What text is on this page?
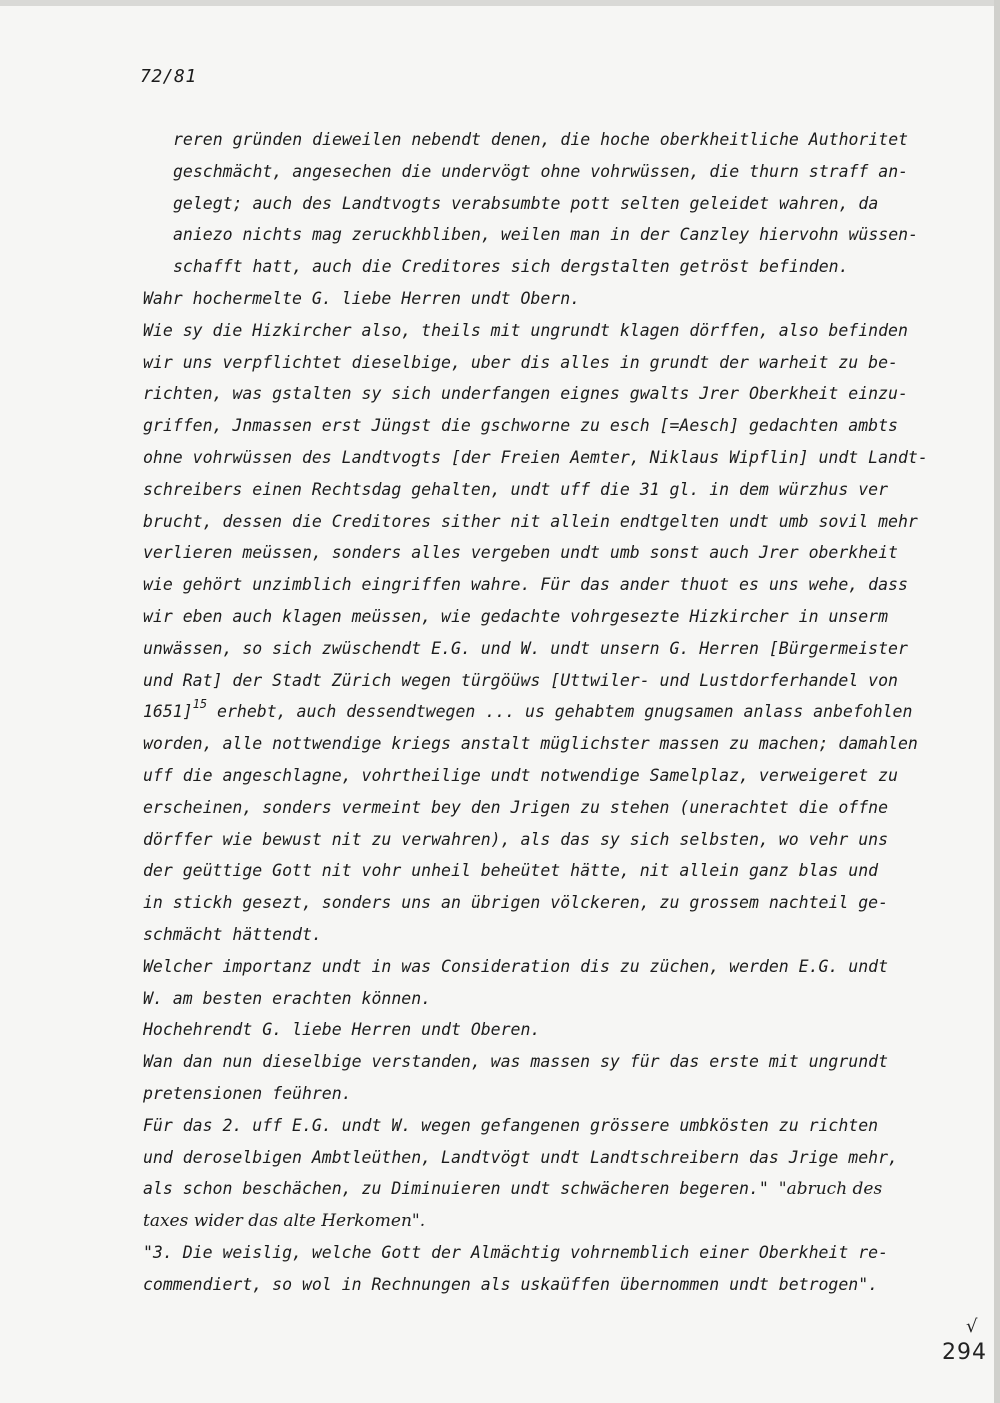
72/81
reren gründen dieweilen nebendt denen, die hoche oberkheitliche Authoritet
geschmächt, angesechen die undervögt ohne vohrwüssen, die thurn straff an-
gelegt; auch des Landtvogts verabsumbte pott selten geleidet wahren, da
aniezo nichts mag zeruckhbliben, weilen man in der Canzley hiervohn wüssen-
schafft hatt, auch die Creditores sich dergstalten getröst befinden.
Wahr hochermelte G. liebe Herren undt Obern.
Wie sy die Hizkircher also, theils mit ungrundt klagen dörffen, also befinden
wir uns verpflichtet dieselbige, uber dis alles in grundt der warheit zu be-
richten, was gstalten sy sich underfangen eignes gwalts Jrer Oberkheit einzu-
griffen, Jnmassen erst Jüngst die gschworne zu esch [=Aesch] gedachten ambts
ohne vohrwüssen des Landtvogts [der Freien Aemter, Niklaus Wipflin] undt Landt-
schreibers einen Rechtsdag gehalten, undt uff die 31 gl. in dem würzhus ver
brucht, dessen die Creditores sither nit allein endtgelten undt umb sovil mehr
verlieren meüssen, sonders alles vergeben undt umb sonst auch Jrer oberkheit
wie gehört unzimblich eingriffen wahre. Für das ander thuot es uns wehe, dass
wir eben auch klagen meüssen, wie gedachte vohrgesezte Hizkircher in unserm
unwässen, so sich zwüschendt E.G. und W. undt unsern G. Herren [Bürgermeister
und Rat] der Stadt Zürich wegen türgöüws [Uttwiler- und Lustdorferhandel von
1651]$^{15}$ erhebt, auch dessendtwegen ... us gehabtem gnugsamen anlass anbefohlen
worden, alle nottwendige kriegs anstalt müglichster massen zu machen; damahlen
uff die angeschlagne, vohrtheilige undt notwendige Samelplaz, verweigeret zu
erscheinen, sonders vermeint bey den Jrigen zu stehen (unerachtet die offne
dörffer wie bewust nit zu verwahren), als das sy sich selbsten, wo vehr uns
der geüttige Gott nit vohr unheil beheütet hätte, nit allein ganz blas und
in stickh gesezt, sonders uns an übrigen völckeren, zu grossem nachteil ge-
schmächt hättendt.
Welcher importanz undt in was Consideration dis zu züchen, werden E.G. undt
W. am besten erachten können.
Hochehrendt G. liebe Herren undt Oberen.
Wan dan nun dieselbige verstanden, was massen sy für das erste mit ungrundt
pretensionen feühren.
Für das 2. uff E.G. undt W. wegen gefangenen grössere umbkösten zu richten
und deroselbigen Ambtleüthen, Landtvögt undt Landtschreibern das Jrige mehr,
als schon beschächen, zu Diminuieren undt schwächeren begeren." "abruch des
taxes wider das alte Herkomen".
"3. Die weislig, welche Gott der Almächtig vohrnemblich einer Oberkheit re-
commendiert, so wol in Rechnungen als uskaüffen übernommen undt betrogen".
√
294
